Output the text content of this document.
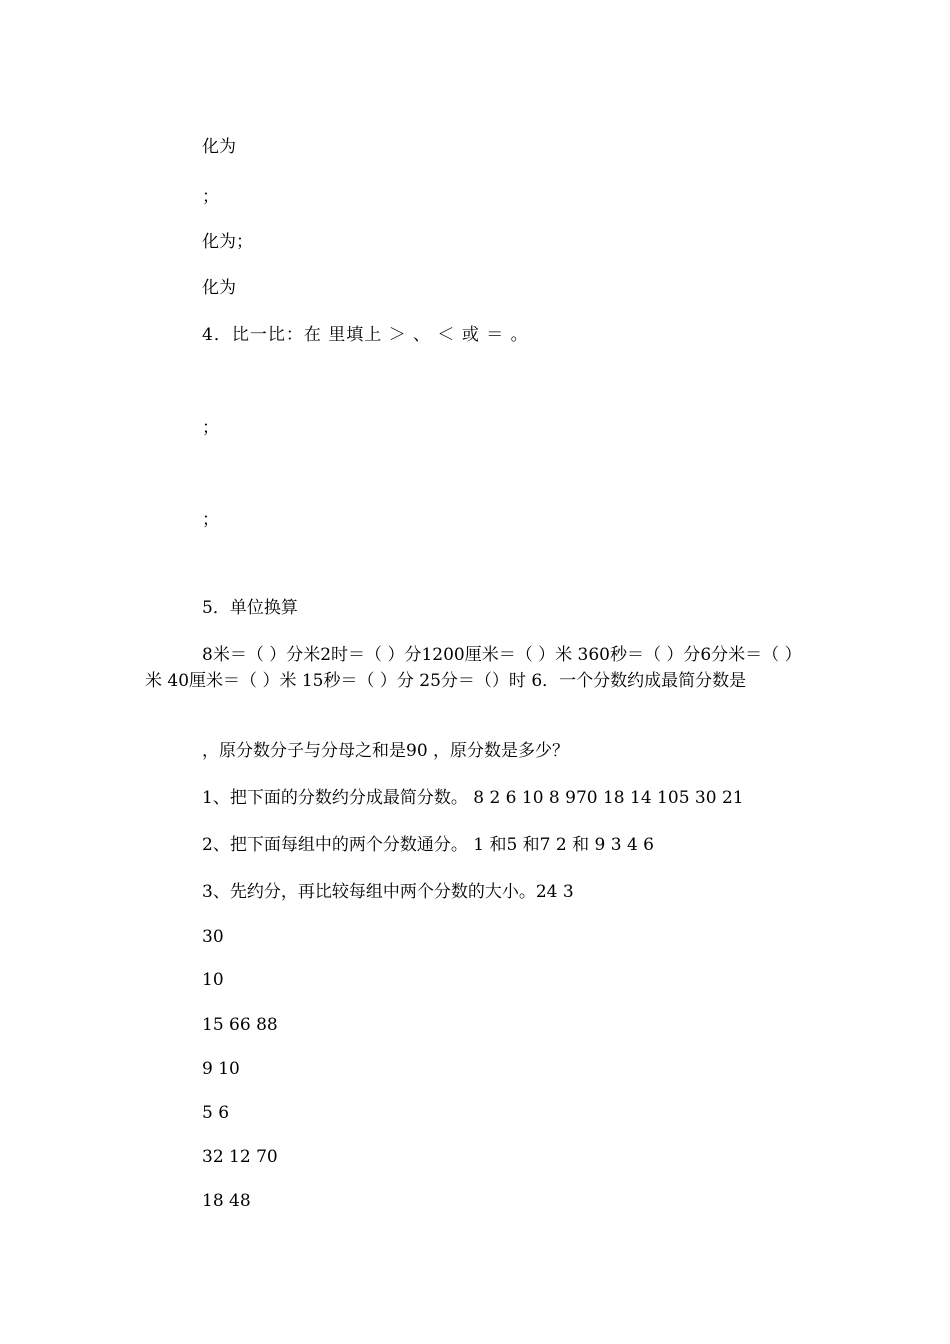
化为
；
化为；
化为
4．比一比：在 里填上 ＞ 、 ＜ 或 ＝ 。
；
；
5．单位换算
8米＝（ ）分米2时＝（ ）分1200厘米＝（ ）米 360秒＝（ ）分6分米＝（ ）米 40厘米＝（ ）米 15秒＝（ ）分 25分＝（）时 6．一个分数约成最简分数是
，原分数分子与分母之和是90 ，原分数是多少？
1、把下面的分数约分成最简分数。 8 2 6 10 8 970 18 14 105 30 21
2、把下面每组中的两个分数通分。 1 和5 和7 2 和 9 3 4 6
3、先约分，再比较每组中两个分数的大小。24 3
30
10
15 66 88
9 10
5 6
32 12 70
18 48
